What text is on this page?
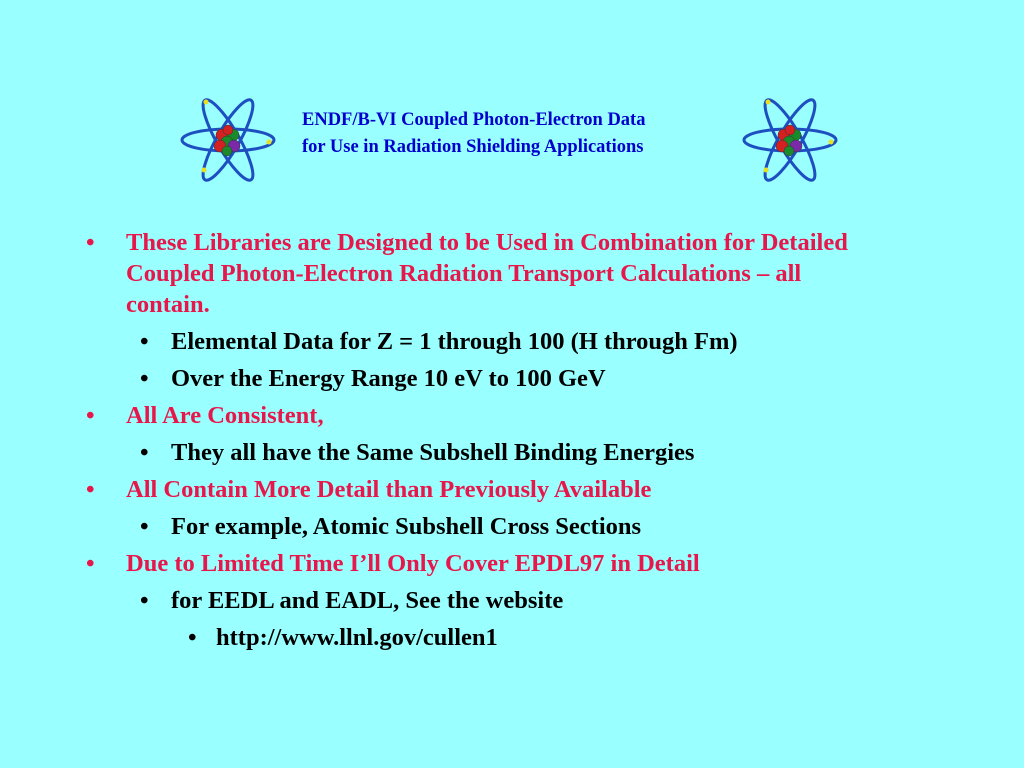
ENDF/B-VI Coupled Photon-Electron Data
for Use in Radiation Shielding Applications
• These Libraries are Designed to be Used in Combination for Detailed Coupled Photon-Electron Radiation Transport Calculations – all contain.
• Elemental Data for Z = 1 through 100 (H through Fm)
• Over the Energy Range 10 eV to 100 GeV
• All Are Consistent,
• They all have the Same Subshell Binding Energies
• All Contain More Detail than Previously Available
• For example, Atomic Subshell Cross Sections
• Due to Limited Time I’ll Only Cover EPDL97 in Detail
• for EEDL and EADL, See the website
• http://www.llnl.gov/cullen1
